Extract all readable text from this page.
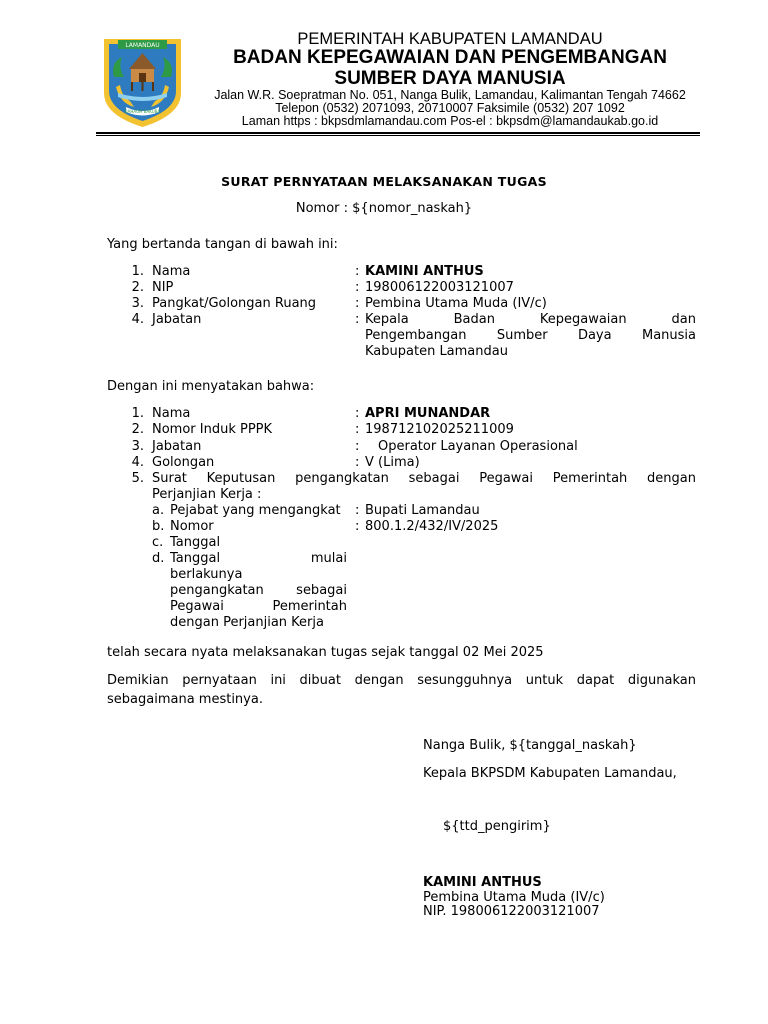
LAMANDAU
BAHAUM BAKUBA
PEMERINTAH KABUPATEN LAMANDAU
BADAN KEPEGAWAIAN DAN PENGEMBANGAN
SUMBER DAYA MANUSIA
Jalan W.R. Soepratman No. 051, Nanga Bulik, Lamandau, Kalimantan Tengah 74662
Telepon (0532) 2071093, 20710007 Faksimile (0532) 207 1092
Laman https : bkpsdmlamandau.com Pos-el : bkpsdm@lamandaukab.go.id
SURAT PERNYATAAN MELAKSANAKAN TUGAS
Nomor : ${nomor_naskah}
Yang bertanda tangan di bawah ini:
1. Nama	: KAMINI ANTHUS
2. NIP	: 198006122003121007
3. Pangkat/Golongan Ruang	: Pembina Utama Muda (IV/c)
4. Jabatan	: Kepala Badan Kepegawaian dan
Pengembangan Sumber Daya Manusia
Kabupaten Lamandau
Dengan ini menyatakan bahwa:
1. Nama	: APRI MUNANDAR
2. Nomor Induk PPPK	: 198712102025211009
3. Jabatan	: Operator Layanan Operasional
4. Golongan	: V (Lima)
5. Surat Keputusan pengangkatan sebagai Pegawai Pemerintah dengan
Perjanjian Kerja :
a. Pejabat yang mengangkat : Bupati Lamandau
b. Nomor	: 800.1.2/432/IV/2025
c. Tanggal
d. Tanggal mulai
berlakunya
pengangkatan sebagai
Pegawai Pemerintah
dengan Perjanjian Kerja
telah secara nyata melaksanakan tugas sejak tanggal 02 Mei 2025
Demikian pernyataan ini dibuat dengan sesungguhnya untuk dapat digunakan
sebagaimana mestinya.
Nanga Bulik, ${tanggal_naskah}
Kepala BKPSDM Kabupaten Lamandau,
${ttd_pengirim}
KAMINI ANTHUS
Pembina Utama Muda (IV/c)
NIP. 198006122003121007
